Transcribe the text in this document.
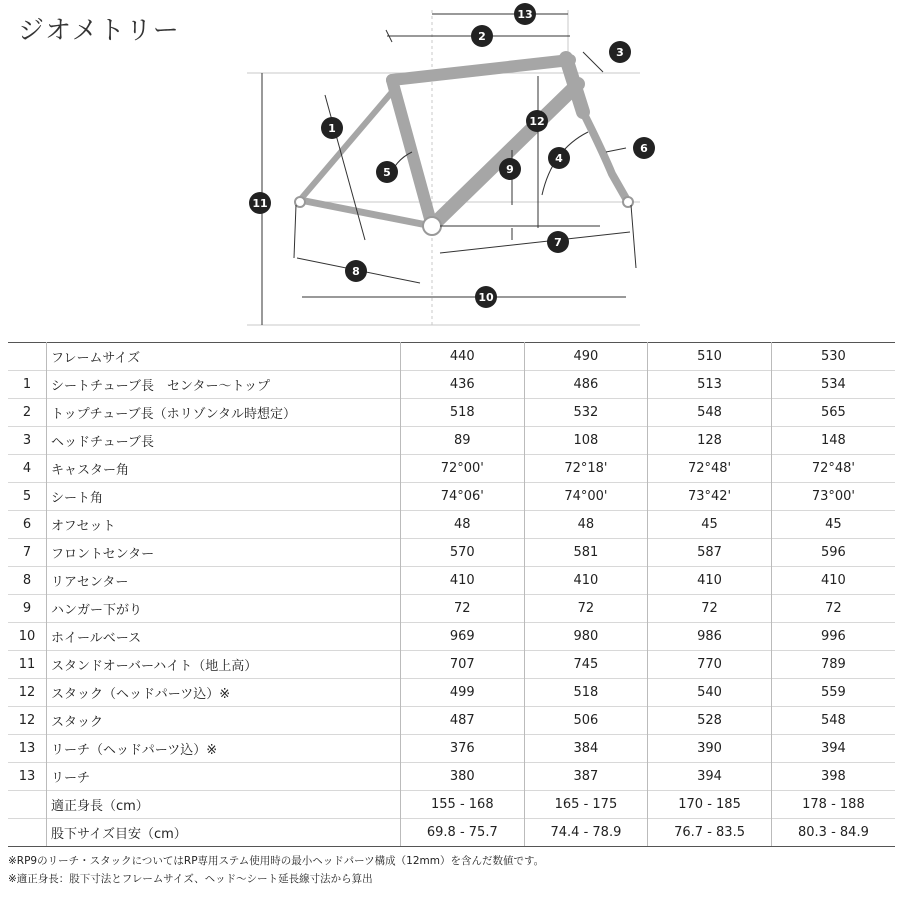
ジオメトリー
13
2
3
1
12
6
4
5	9
11
7
8
10
	フレームサイズ	440	490	510	530
1	シートチューブ長　センター～トップ	436	486	513	534
2	トップチューブ長（ホリゾンタル時想定）	518	532	548	565
3	ヘッドチューブ長	89	108	128	148
4	キャスター角	72°00'	72°18'	72°48'	72°48'
5	シート角	74°06'	74°00'	73°42'	73°00'
6	オフセット	48	48	45	45
7	フロントセンター	570	581	587	596
8	リアセンター	410	410	410	410
9	ハンガー下がり	72	72	72	72
10	ホイールベース	969	980	986	996
11	スタンドオーバーハイト（地上高）	707	745	770	789
12	スタック（ヘッドパーツ込）※	499	518	540	559
12	スタック	487	506	528	548
13	リーチ（ヘッドパーツ込）※	376	384	390	394
13	リーチ	380	387	394	398
	適正身長（cm）	155 - 168	165 - 175	170 - 185	178 - 188
	股下サイズ目安（cm）	69.8 - 75.7	74.4 - 78.9	76.7 - 83.5	80.3 - 84.9
※RP9のリーチ・スタックについてはRP専用ステム使用時の最小ヘッドパーツ構成（12mm）を含んだ数値です。
※適正身長：股下寸法とフレームサイズ、ヘッド～シート延長線寸法から算出
